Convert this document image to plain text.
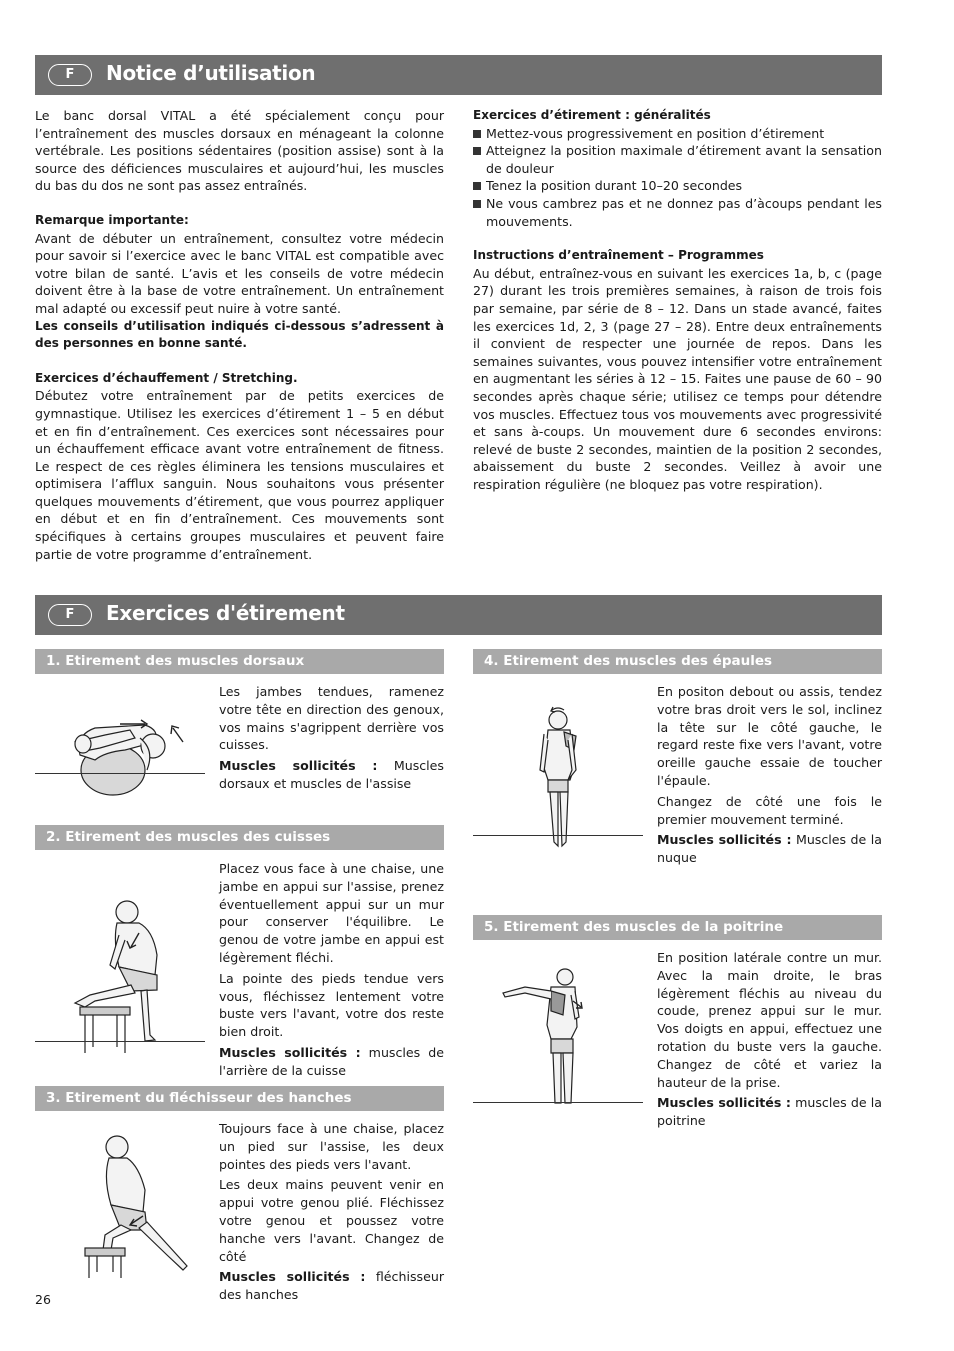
F	Notice d’utilisation

Le banc dorsal VITAL a été spécialement conçu pour l’entraînement des muscles dorsaux en ménageant la colonne vertébrale. Les positions sédentaires (position assise) sont à la source des déficiences musculaires et aujourd’hui, les muscles du bas du dos ne sont pas assez entraînés.

Remarque importante:

Avant de débuter un entraînement, consultez votre médecin pour savoir si l’exercice avec le banc VITAL est compatible avec votre bilan de santé. L’avis et les conseils de votre médecin doivent être à la base de votre entraînement. Un entraînement mal adapté ou excessif peut nuire à votre santé.

Les conseils d’utilisation indiqués ci-dessous s’adressent à des personnes en bonne santé.

Exercices d’échauffement / Stretching.

Débutez votre entraînement par de petits exercices de gymnastique. Utilisez les exercices d’étirement 1 – 5 en début et en fin d’entraînement. Ces exercices sont nécessaires pour un échauffement efficace avant votre entraînement de fitness. Le respect de ces règles éliminera les tensions musculaires et optimisera l’afflux sanguin. Nous souhaitons vous présenter quelques mouvements d’étirement, que vous pourrez appliquer en début et en fin d’entraînement. Ces mouvements sont spécifiques à certains groupes musculaires et peuvent faire partie de votre programme d’entraînement.

Exercices d’étirement : généralités

Mettez-vous progressivement en position d’étirement

Atteignez la position maximale d’étirement avant la sensation de douleur

Tenez la position durant 10–20 secondes

Ne vous cambrez pas et ne donnez pas d’àcoups pendant les mouvements.

Instructions d’entraînement – Programmes

Au début, entraînez-vous en suivant les exercices 1a, b, c (page 27) durant les trois premières semaines, à raison de trois fois par semaine, par série de 8 – 12. Dans un stade avancé, faites les exercices 1d, 2, 3 (page 27 – 28). Entre deux entraînements il convient de respecter une journée de repos. Dans les semaines suivantes, vous pouvez intensifier votre entraînement en augmentant les séries à 12 – 15. Faites une pause de 60 – 90 secondes après chaque série; utilisez ce temps pour détendre vos muscles. Effectuez tous vos mouvements avec progressivité et sans à-coups. Un mouvement dure 6 secondes environs: relevé de buste 2 secondes, maintien de la position 2 secondes, abaissement du buste 2 secondes. Veillez à avoir une respiration régulière (ne bloquez pas votre respiration).

F	Exercices d'étirement
1. Etirement des muscles dorsaux

Les jambes tendues, ramenez votre tête en direction des genoux, vos mains s'agrippent derrière vos cuisses.

Muscles sollicités : Muscles dorsaux et muscles de l'assise

2. Etirement des muscles des cuisses

Placez vous face à une chaise, une jambe en appui sur l'assise, prenez éventuellement appui sur un mur pour conserver l'équilibre. Le genou de votre jambe en appui est légèrement fléchi.

La pointe des pieds tendue vers vous, fléchissez lentement votre buste vers l'avant, votre dos reste bien droit.

Muscles sollicités : muscles de l'arrière de la cuisse

3. Etirement du fléchisseur des hanches

Toujours face à une chaise, placez un pied sur l'assise, les deux pointes des pieds vers l'avant.

Les deux mains peuvent venir en appui votre genou plié. Fléchissez votre genou et poussez votre hanche vers l'avant. Changez de côté

Muscles sollicités : fléchisseur des hanches

4. Etirement des muscles des épaules

En positon debout ou assis, tendez votre bras droit vers le sol, inclinez la tête sur le côté gauche, le regard reste fixe vers l'avant, votre oreille gauche essaie de toucher l'épaule.

Changez de côté une fois le premier mouvement terminé.

Muscles sollicités : Muscles de la nuque

5. Etirement des muscles de la poitrine

En position latérale contre un mur. Avec la main droite, le bras légèrement fléchis au niveau du coude, prenez appui sur le mur. Vos doigts en appui, effectuez une rotation du buste vers la gauche. Changez de côté et variez la hauteur de la prise.

Muscles sollicités : muscles de la poitrine

26
